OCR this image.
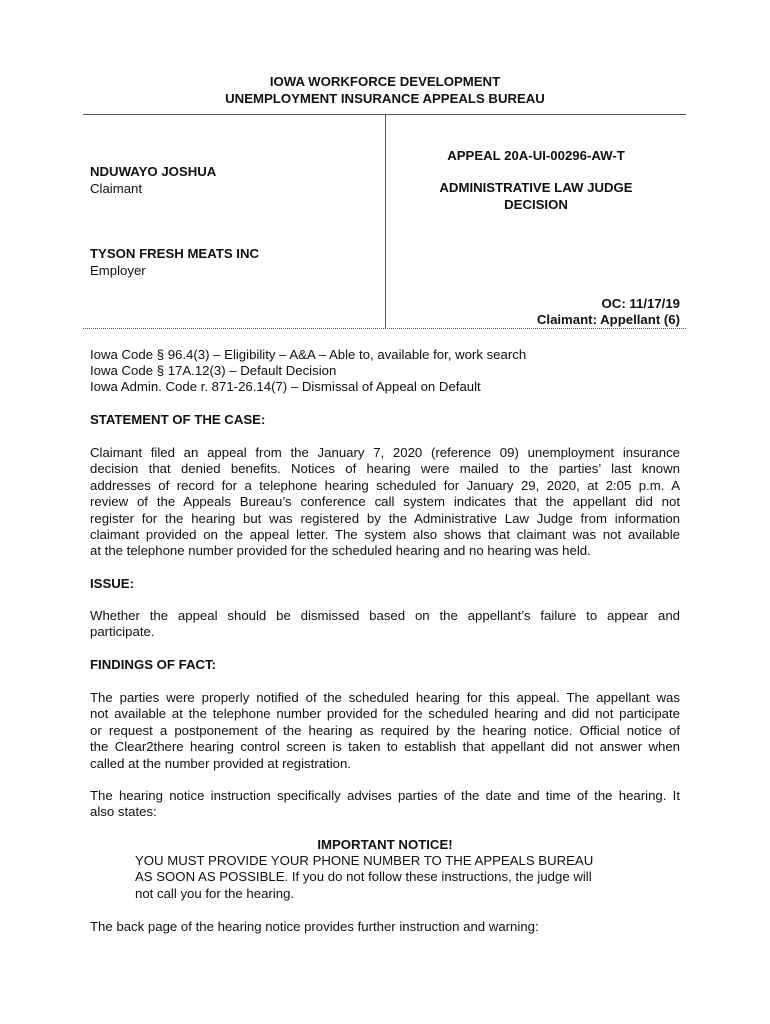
IOWA WORKFORCE DEVELOPMENT
UNEMPLOYMENT INSURANCE APPEALS BUREAU
NDUWAYO JOSHUA
Claimant
TYSON FRESH MEATS INC
Employer
APPEAL 20A-UI-00296-AW-T
ADMINISTRATIVE LAW JUDGE
DECISION
OC: 11/17/19
Claimant: Appellant (6)
Iowa Code § 96.4(3) – Eligibility – A&A – Able to, available for, work search
Iowa Code § 17A.12(3) – Default Decision
Iowa Admin. Code r. 871-26.14(7) – Dismissal of Appeal on Default
STATEMENT OF THE CASE:
Claimant filed an appeal from the January 7, 2020 (reference 09) unemployment insurance
decision that denied benefits. Notices of hearing were mailed to the parties’ last known
addresses of record for a telephone hearing scheduled for January 29, 2020, at 2:05 p.m. A
review of the Appeals Bureau’s conference call system indicates that the appellant did not
register for the hearing but was registered by the Administrative Law Judge from information
claimant provided on the appeal letter. The system also shows that claimant was not available
at the telephone number provided for the scheduled hearing and no hearing was held.
ISSUE:
Whether the appeal should be dismissed based on the appellant’s failure to appear and
participate.
FINDINGS OF FACT:
The parties were properly notified of the scheduled hearing for this appeal. The appellant was
not available at the telephone number provided for the scheduled hearing and did not participate
or request a postponement of the hearing as required by the hearing notice. Official notice of
the Clear2there hearing control screen is taken to establish that appellant did not answer when
called at the number provided at registration.
The hearing notice instruction specifically advises parties of the date and time of the hearing. It
also states:
IMPORTANT NOTICE!
YOU MUST PROVIDE YOUR PHONE NUMBER TO THE APPEALS BUREAU
AS SOON AS POSSIBLE. If you do not follow these instructions, the judge will
not call you for the hearing.
The back page of the hearing notice provides further instruction and warning:
